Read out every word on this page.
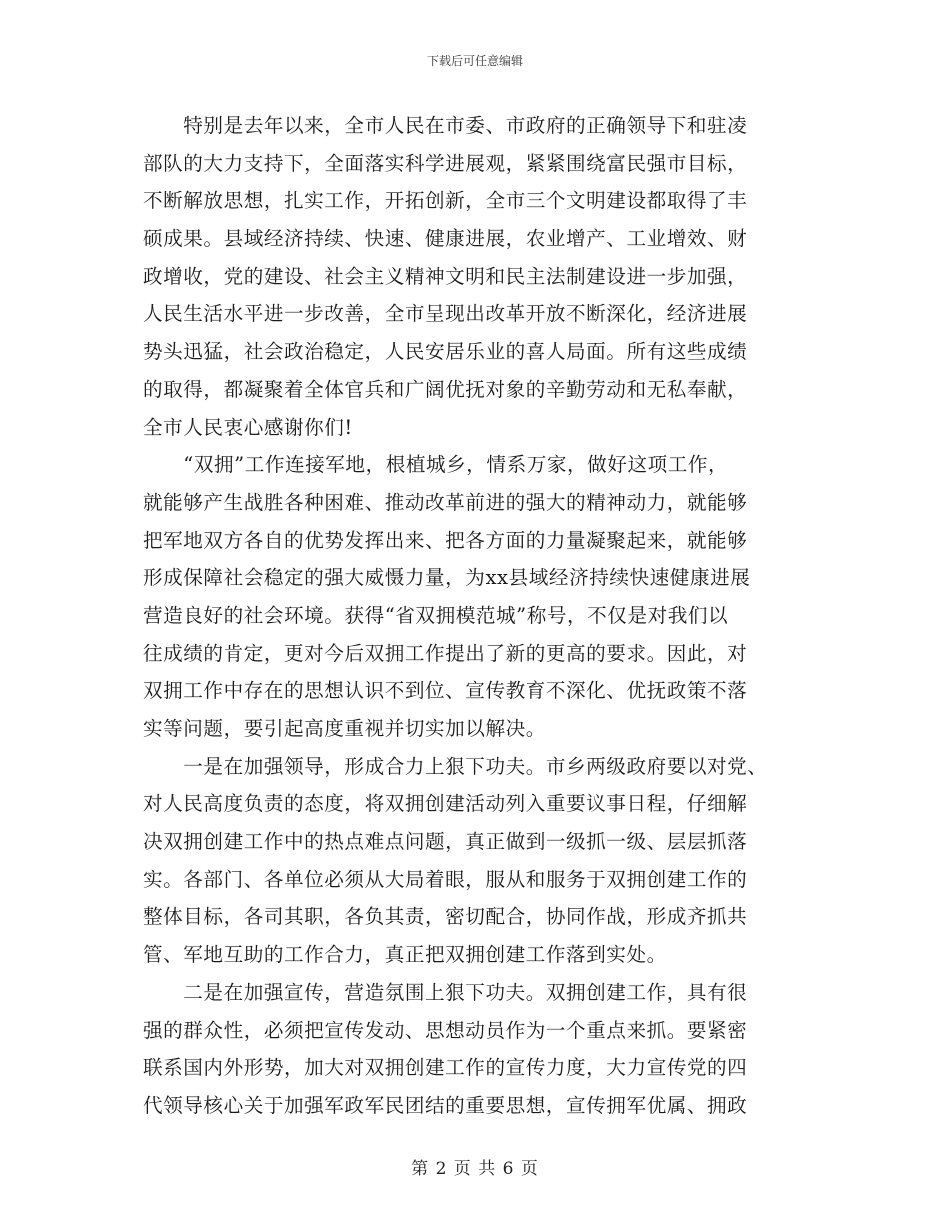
下载后可任意编辑
　　特别是去年以来，全市人民在市委、市政府的正确领导下和驻凌
部队的大力支持下，全面落实科学进展观，紧紧围绕富民强市目标，
不断解放思想，扎实工作，开拓创新，全市三个文明建设都取得了丰
硕成果。县域经济持续、快速、健康进展，农业增产、工业增效、财
政增收，党的建设、社会主义精神文明和民主法制建设进一步加强，
人民生活水平进一步改善，全市呈现出改革开放不断深化，经济进展
势头迅猛，社会政治稳定，人民安居乐业的喜人局面。所有这些成绩
的取得，都凝聚着全体官兵和广阔优抚对象的辛勤劳动和无私奉献，
全市人民衷心感谢你们!
　　“双拥”工作连接军地，根植城乡，情系万家，做好这项工作，
就能够产生战胜各种困难、推动改革前进的强大的精神动力，就能够
把军地双方各自的优势发挥出来、把各方面的力量凝聚起来，就能够
形成保障社会稳定的强大威慑力量，为xx县域经济持续快速健康进展
营造良好的社会环境。获得“省双拥模范城”称号，不仅是对我们以
往成绩的肯定，更对今后双拥工作提出了新的更高的要求。因此，对
双拥工作中存在的思想认识不到位、宣传教育不深化、优抚政策不落
实等问题，要引起高度重视并切实加以解决。
　　一是在加强领导，形成合力上狠下功夫。市乡两级政府要以对党、
对人民高度负责的态度，将双拥创建活动列入重要议事日程，仔细解
决双拥创建工作中的热点难点问题，真正做到一级抓一级、层层抓落
实。各部门、各单位必须从大局着眼，服从和服务于双拥创建工作的
整体目标，各司其职，各负其责，密切配合，协同作战，形成齐抓共
管、军地互助的工作合力，真正把双拥创建工作落到实处。
　　二是在加强宣传，营造氛围上狠下功夫。双拥创建工作，具有很
强的群众性，必须把宣传发动、思想动员作为一个重点来抓。要紧密
联系国内外形势，加大对双拥创建工作的宣传力度，大力宣传党的四
代领导核心关于加强军政军民团结的重要思想，宣传拥军优属、拥政
第 2 页 共 6 页
